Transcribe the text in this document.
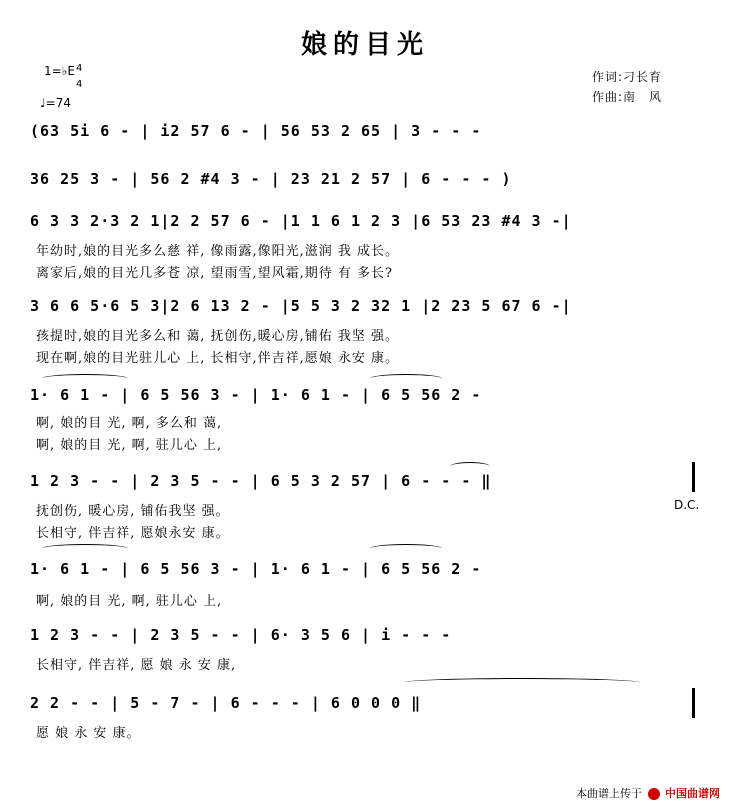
娘的目光
1=♭E 4
4
♩=74
作词:刁长育
作曲:南　风
(63 5i 6 - | i2 57 6 - | 56 53 2 65 | 3 - - -
36 25 3 - | 56 2 #4 3 - | 23 21 2 57 | 6 - - - )
6 3 3 2·3 2 1|2 2 57 6 - |1 1 6 1 2 3 |6 53 23 #4 3 -|
年幼时,娘的目光多么慈 祥, 像雨露,像阳光,滋润 我 成长。
离家后,娘的目光几多苍 凉, 望雨雪,望风霜,期待 有 多长?
3 6 6 5·6 5 3|2 6 13 2 - |5 5 3 2 32 1 |2 23 5 67 6 -|
孩提时,娘的目光多么和 蔼, 抚创伤,暖心房,铺佑 我坚 强。
现在啊,娘的目光驻儿心 上, 长相守,伴吉祥,愿娘 永安 康。
1· 6 1 - | 6 5 56 3 - | 1· 6 1 - | 6 5 56 2 -
啊, 娘的目 光, 啊, 多么和 蔼,
啊, 娘的目 光, 啊, 驻儿心 上,
1 2 3 - - | 2 3 5 - - | 6 5 3 2 57 | 6 - - - ‖
抚创伤, 暖心房, 铺佑我坚 强。
长相守, 伴吉祥, 愿娘永安 康。
D.C.
1· 6 1 - | 6 5 56 3 - | 1· 6 1 - | 6 5 56 2 -
啊, 娘的目 光, 啊, 驻儿心 上,
1 2 3 - - | 2 3 5 - - | 6· 3 5 6 | i - - -
长相守, 伴吉祥, 愿 娘 永 安 康,
2 2 - - | 5 - 7 - | 6 - - - | 6 0 0 0 ‖
愿 娘 永 安 康。
本曲谱上传于 中国曲谱网
